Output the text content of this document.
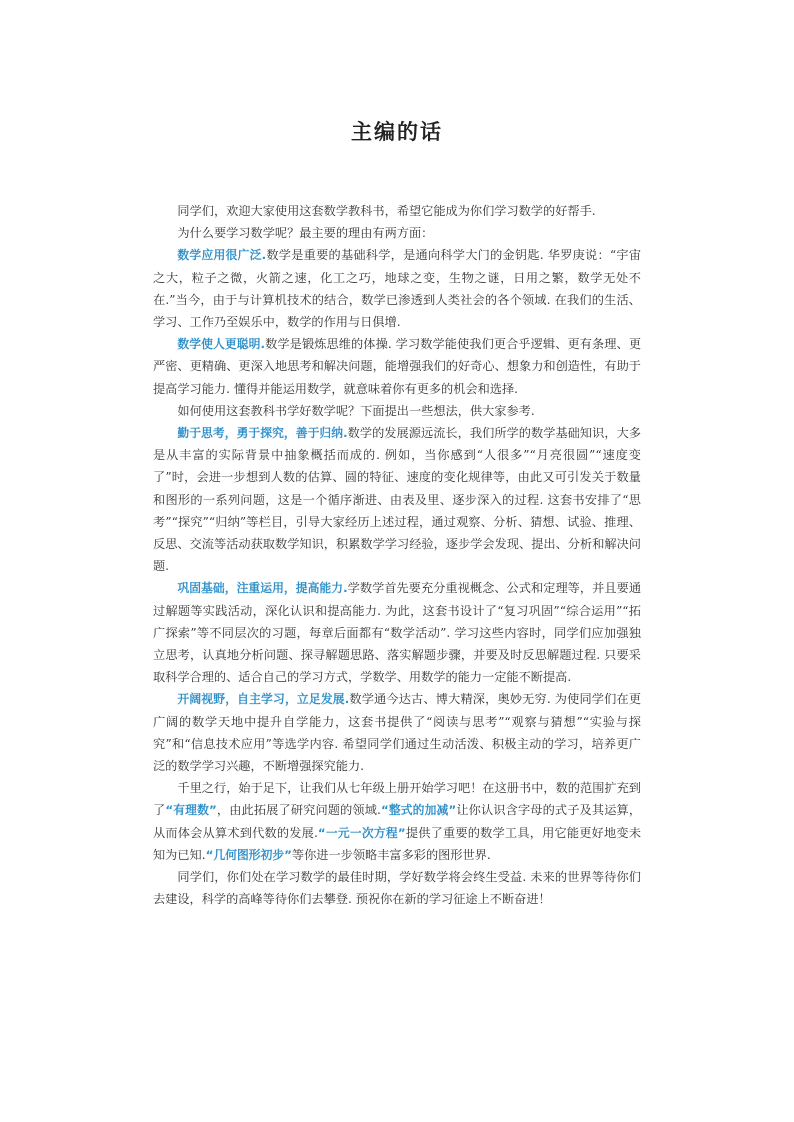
主编的话

同学们，欢迎大家使用这套数学教科书，希望它能成为你们学习数学的好帮手.

为什么要学习数学呢？最主要的理由有两方面：

数学应用很广泛.数学是重要的基础科学，是通向科学大门的金钥匙. 华罗庚说：“宇宙之大，粒子之微，火箭之速，化工之巧，地球之变，生物之谜，日用之繁，数学无处不在.”当今，由于与计算机技术的结合，数学已渗透到人类社会的各个领域. 在我们的生活、学习、工作乃至娱乐中，数学的作用与日俱增.

数学使人更聪明.数学是锻炼思维的体操. 学习数学能使我们更合乎逻辑、更有条理、更严密、更精确、更深入地思考和解决问题，能增强我们的好奇心、想象力和创造性，有助于提高学习能力. 懂得并能运用数学，就意味着你有更多的机会和选择.

如何使用这套教科书学好数学呢？下面提出一些想法，供大家参考.

勤于思考，勇于探究，善于归纳.数学的发展源远流长，我们所学的数学基础知识，大多是从丰富的实际背景中抽象概括而成的. 例如，当你感到“人很多”“月亮很圆”“速度变了”时，会进一步想到人数的估算、圆的特征、速度的变化规律等，由此又可引发关于数量和图形的一系列问题，这是一个循序渐进、由表及里、逐步深入的过程. 这套书安排了“思考”“探究”“归纳”等栏目，引导大家经历上述过程，通过观察、分析、猜想、试验、推理、反思、交流等活动获取数学知识，积累数学学习经验，逐步学会发现、提出、分析和解决问题.

巩固基础，注重运用，提高能力.学数学首先要充分重视概念、公式和定理等，并且要通过解题等实践活动，深化认识和提高能力. 为此，这套书设计了“复习巩固”“综合运用”“拓广探索”等不同层次的习题，每章后面都有“数学活动”. 学习这些内容时，同学们应加强独立思考，认真地分析问题、探寻解题思路、落实解题步骤，并要及时反思解题过程. 只要采取科学合理的、适合自己的学习方式，学数学、用数学的能力一定能不断提高.

开阔视野，自主学习，立足发展.数学通今达古、博大精深，奥妙无穷. 为使同学们在更广阔的数学天地中提升自学能力，这套书提供了“阅读与思考”“观察与猜想”“实验与探究”和“信息技术应用”等选学内容. 希望同学们通过生动活泼、积极主动的学习，培养更广泛的数学学习兴趣，不断增强探究能力.

千里之行，始于足下，让我们从七年级上册开始学习吧！在这册书中，数的范围扩充到了“有理数”，由此拓展了研究问题的领域.“整式的加减”让你认识含字母的式子及其运算，从而体会从算术到代数的发展.“一元一次方程”提供了重要的数学工具，用它能更好地变未知为已知.“几何图形初步”等你进一步领略丰富多彩的图形世界.

同学们，你们处在学习数学的最佳时期，学好数学将会终生受益. 未来的世界等待你们去建设，科学的高峰等待你们去攀登. 预祝你在新的学习征途上不断奋进！
